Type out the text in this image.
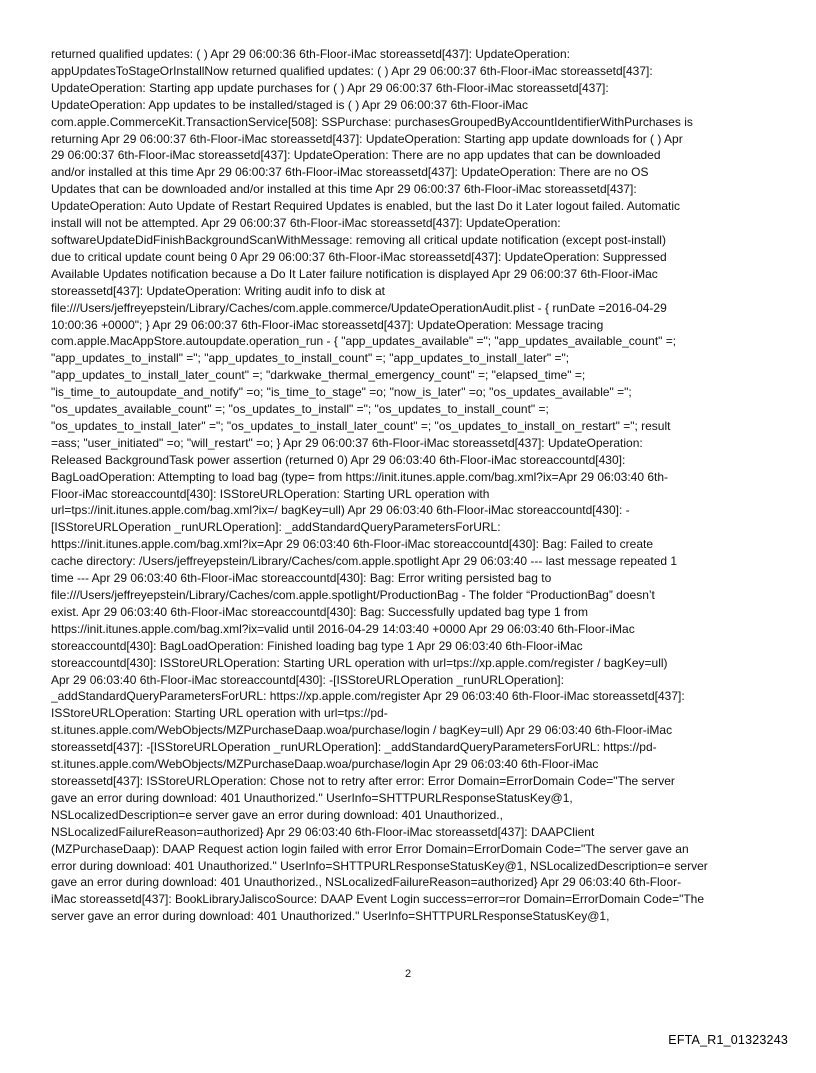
returned qualified updates: ( ) Apr 29 06:00:36 6th-Floor-iMac storeassetd[437]: UpdateOperation:
appUpdatesToStageOrInstallNow returned qualified updates: ( ) Apr 29 06:00:37 6th-Floor-iMac storeassetd[437]:
UpdateOperation: Starting app update purchases for ( ) Apr 29 06:00:37 6th-Floor-iMac storeassetd[437]:
UpdateOperation: App updates to be installed/staged is ( ) Apr 29 06:00:37 6th-Floor-iMac
com.apple.CommerceKit.TransactionService[508]: SSPurchase: purchasesGroupedByAccountIdentifierWithPurchases is
returning Apr 29 06:00:37 6th-Floor-iMac storeassetd[437]: UpdateOperation: Starting app update downloads for ( ) Apr
29 06:00:37 6th-Floor-iMac storeassetd[437]: UpdateOperation: There are no app updates that can be downloaded
and/or installed at this time Apr 29 06:00:37 6th-Floor-iMac storeassetd[437]: UpdateOperation: There are no OS
Updates that can be downloaded and/or installed at this time Apr 29 06:00:37 6th-Floor-iMac storeassetd[437]:
UpdateOperation: Auto Update of Restart Required Updates is enabled, but the last Do it Later logout failed. Automatic
install will not be attempted. Apr 29 06:00:37 6th-Floor-iMac storeassetd[437]: UpdateOperation:
softwareUpdateDidFinishBackgroundScanWithMessage: removing all critical update notification (except post-install)
due to critical update count being 0 Apr 29 06:00:37 6th-Floor-iMac storeassetd[437]: UpdateOperation: Suppressed
Available Updates notification because a Do It Later failure notification is displayed Apr 29 06:00:37 6th-Floor-iMac
storeassetd[437]: UpdateOperation: Writing audit info to disk at
file:///Users/jeffreyepstein/Library/Caches/com.apple.commerce/UpdateOperationAudit.plist - { runDate =2016-04-29
10:00:36 +0000"; } Apr 29 06:00:37 6th-Floor-iMac storeassetd[437]: UpdateOperation: Message tracing
com.apple.MacAppStore.autoupdate.operation_run - { "app_updates_available" ="; "app_updates_available_count" =;
"app_updates_to_install" ="; "app_updates_to_install_count" =; "app_updates_to_install_later" =";
"app_updates_to_install_later_count" =; "darkwake_thermal_emergency_count" =; "elapsed_time" =;
"is_time_to_autoupdate_and_notify" =o; "is_time_to_stage" =o; "now_is_later" =o; "os_updates_available" =";
"os_updates_available_count" =; "os_updates_to_install" ="; "os_updates_to_install_count" =;
"os_updates_to_install_later" ="; "os_updates_to_install_later_count" =; "os_updates_to_install_on_restart" ="; result
=ass; "user_initiated" =o; "will_restart" =o; } Apr 29 06:00:37 6th-Floor-iMac storeassetd[437]: UpdateOperation:
Released BackgroundTask power assertion (returned 0) Apr 29 06:03:40 6th-Floor-iMac storeaccountd[430]:
BagLoadOperation: Attempting to load bag (type= from https://init.itunes.apple.com/bag.xml?ix=Apr 29 06:03:40 6th-
Floor-iMac storeaccountd[430]: ISStoreURLOperation: Starting URL operation with
url=tps://init.itunes.apple.com/bag.xml?ix=/ bagKey=ull) Apr 29 06:03:40 6th-Floor-iMac storeaccountd[430]: -
[ISStoreURLOperation _runURLOperation]: _addStandardQueryParametersForURL:
https://init.itunes.apple.com/bag.xml?ix=Apr 29 06:03:40 6th-Floor-iMac storeaccountd[430]: Bag: Failed to create
cache directory: /Users/jeffreyepstein/Library/Caches/com.apple.spotlight Apr 29 06:03:40 --- last message repeated 1
time --- Apr 29 06:03:40 6th-Floor-iMac storeaccountd[430]: Bag: Error writing persisted bag to
file:///Users/jeffreyepstein/Library/Caches/com.apple.spotlight/ProductionBag - The folder “ProductionBag” doesn’t
exist. Apr 29 06:03:40 6th-Floor-iMac storeaccountd[430]: Bag: Successfully updated bag type 1 from
https://init.itunes.apple.com/bag.xml?ix=valid until 2016-04-29 14:03:40 +0000 Apr 29 06:03:40 6th-Floor-iMac
storeaccountd[430]: BagLoadOperation: Finished loading bag type 1 Apr 29 06:03:40 6th-Floor-iMac
storeaccountd[430]: ISStoreURLOperation: Starting URL operation with url=tps://xp.apple.com/register / bagKey=ull)
Apr 29 06:03:40 6th-Floor-iMac storeaccountd[430]: -[ISStoreURLOperation _runURLOperation]:
_addStandardQueryParametersForURL: https://xp.apple.com/register Apr 29 06:03:40 6th-Floor-iMac storeassetd[437]:
ISStoreURLOperation: Starting URL operation with url=tps://pd-
st.itunes.apple.com/WebObjects/MZPurchaseDaap.woa/purchase/login / bagKey=ull) Apr 29 06:03:40 6th-Floor-iMac
storeassetd[437]: -[ISStoreURLOperation _runURLOperation]: _addStandardQueryParametersForURL: https://pd-
st.itunes.apple.com/WebObjects/MZPurchaseDaap.woa/purchase/login Apr 29 06:03:40 6th-Floor-iMac
storeassetd[437]: ISStoreURLOperation: Chose not to retry after error: Error Domain=ErrorDomain Code="The server
gave an error during download: 401 Unauthorized." UserInfo=SHTTPURLResponseStatusKey@1,
NSLocalizedDescription=e server gave an error during download: 401 Unauthorized.,
NSLocalizedFailureReason=authorized} Apr 29 06:03:40 6th-Floor-iMac storeassetd[437]: DAAPClient
(MZPurchaseDaap): DAAP Request action login failed with error Error Domain=ErrorDomain Code="The server gave an
error during download: 401 Unauthorized." UserInfo=SHTTPURLResponseStatusKey@1, NSLocalizedDescription=e server
gave an error during download: 401 Unauthorized., NSLocalizedFailureReason=authorized} Apr 29 06:03:40 6th-Floor-
iMac storeassetd[437]: BookLibraryJaliscoSource: DAAP Event Login success=error=ror Domain=ErrorDomain Code="The
server gave an error during download: 401 Unauthorized." UserInfo=SHTTPURLResponseStatusKey@1,
2
EFTA_R1_01323243
